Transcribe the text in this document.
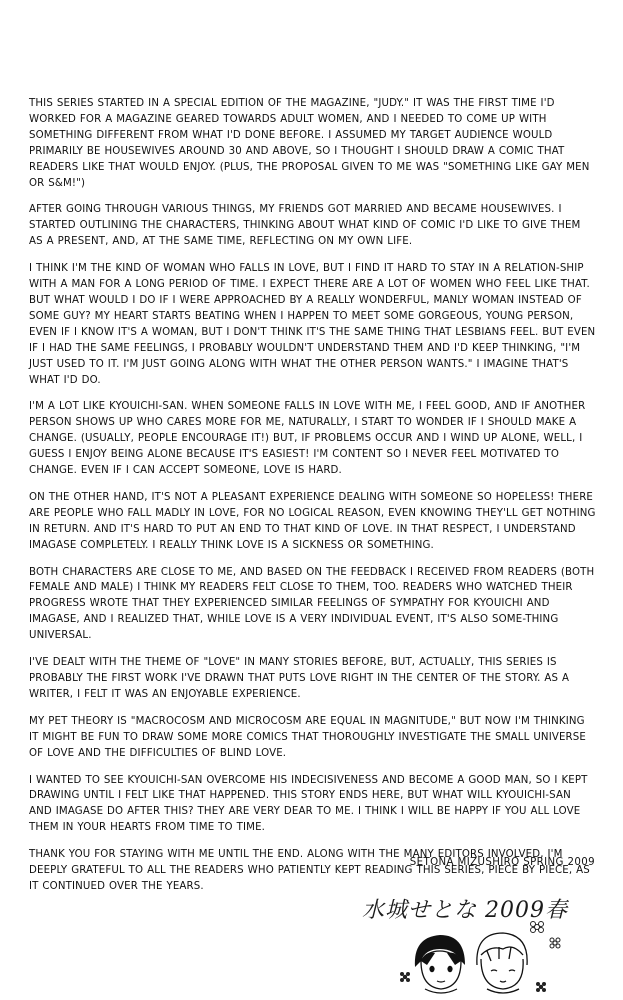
THIS SERIES STARTED IN A SPECIAL EDITION OF THE MAGAZINE, "JUDY." IT WAS THE FIRST TIME I'D WORKED FOR A MAGAZINE GEARED TOWARDS ADULT WOMEN, AND I NEEDED TO COME UP WITH SOMETHING DIFFERENT FROM WHAT I'D DONE BEFORE. I ASSUMED MY TARGET AUDIENCE WOULD PRIMARILY BE HOUSEWIVES AROUND 30 AND ABOVE, SO I THOUGHT I SHOULD DRAW A COMIC THAT READERS LIKE THAT WOULD ENJOY. (PLUS, THE PROPOSAL GIVEN TO ME WAS "SOMETHING LIKE GAY MEN OR S&M!")

AFTER GOING THROUGH VARIOUS THINGS, MY FRIENDS GOT MARRIED AND BECAME HOUSEWIVES. I STARTED OUTLINING THE CHARACTERS, THINKING ABOUT WHAT KIND OF COMIC I'D LIKE TO GIVE THEM AS A PRESENT, AND, AT THE SAME TIME, REFLECTING ON MY OWN LIFE.

I THINK I'M THE KIND OF WOMAN WHO FALLS IN LOVE, BUT I FIND IT HARD TO STAY IN A RELATION-SHIP WITH A MAN FOR A LONG PERIOD OF TIME. I EXPECT THERE ARE A LOT OF WOMEN WHO FEEL LIKE THAT. BUT WHAT WOULD I DO IF I WERE APPROACHED BY A REALLY WONDERFUL, MANLY WOMAN INSTEAD OF SOME GUY? MY HEART STARTS BEATING WHEN I HAPPEN TO MEET SOME GORGEOUS, YOUNG PERSON, EVEN IF I KNOW IT'S A WOMAN, BUT I DON'T THINK IT'S THE SAME THING THAT LESBIANS FEEL. BUT EVEN IF I HAD THE SAME FEELINGS, I PROBABLY WOULDN'T UNDERSTAND THEM AND I'D KEEP THINKING, "I'M JUST USED TO IT. I'M JUST GOING ALONG WITH WHAT THE OTHER PERSON WANTS." I IMAGINE THAT'S WHAT I'D DO.

I'M A LOT LIKE KYOUICHI-SAN. WHEN SOMEONE FALLS IN LOVE WITH ME, I FEEL GOOD, AND IF ANOTHER PERSON SHOWS UP WHO CARES MORE FOR ME, NATURALLY, I START TO WONDER IF I SHOULD MAKE A CHANGE. (USUALLY, PEOPLE ENCOURAGE IT!) BUT, IF PROBLEMS OCCUR AND I WIND UP ALONE, WELL, I GUESS I ENJOY BEING ALONE BECAUSE IT'S EASIEST! I'M CONTENT SO I NEVER FEEL MOTIVATED TO CHANGE. EVEN IF I CAN ACCEPT SOMEONE, LOVE IS HARD.

ON THE OTHER HAND, IT'S NOT A PLEASANT EXPERIENCE DEALING WITH SOMEONE SO HOPELESS! THERE ARE PEOPLE WHO FALL MADLY IN LOVE, FOR NO LOGICAL REASON, EVEN KNOWING THEY'LL GET NOTHING IN RETURN. AND IT'S HARD TO PUT AN END TO THAT KIND OF LOVE. IN THAT RESPECT, I UNDERSTAND IMAGASE COMPLETELY. I REALLY THINK LOVE IS A SICKNESS OR SOMETHING.

BOTH CHARACTERS ARE CLOSE TO ME, AND BASED ON THE FEEDBACK I RECEIVED FROM READERS (BOTH FEMALE AND MALE) I THINK MY READERS FELT CLOSE TO THEM, TOO. READERS WHO WATCHED THEIR PROGRESS WROTE THAT THEY EXPERIENCED SIMILAR FEELINGS OF SYMPATHY FOR KYOUICHI AND IMAGASE, AND I REALIZED THAT, WHILE LOVE IS A VERY INDIVIDUAL EVENT, IT'S ALSO SOME-THING UNIVERSAL.

I'VE DEALT WITH THE THEME OF "LOVE" IN MANY STORIES BEFORE, BUT, ACTUALLY, THIS SERIES IS PROBABLY THE FIRST WORK I'VE DRAWN THAT PUTS LOVE RIGHT IN THE CENTER OF THE STORY. AS A WRITER, I FELT IT WAS AN ENJOYABLE EXPERIENCE.

MY PET THEORY IS "MACROCOSM AND MICROCOSM ARE EQUAL IN MAGNITUDE," BUT NOW I'M THINKING IT MIGHT BE FUN TO DRAW SOME MORE COMICS THAT THOROUGHLY INVESTIGATE THE SMALL UNIVERSE OF LOVE AND THE DIFFICULTIES OF BLIND LOVE.

I WANTED TO SEE KYOUICHI-SAN OVERCOME HIS INDECISIVENESS AND BECOME A GOOD MAN, SO I KEPT DRAWING UNTIL I FELT LIKE THAT HAPPENED. THIS STORY ENDS HERE, BUT WHAT WILL KYOUICHI-SAN AND IMAGASE DO AFTER THIS? THEY ARE VERY DEAR TO ME. I THINK I WILL BE HAPPY IF YOU ALL LOVE THEM IN YOUR HEARTS FROM TIME TO TIME.

THANK YOU FOR STAYING WITH ME UNTIL THE END. ALONG WITH THE MANY EDITORS INVOLVED, I'M DEEPLY GRATEFUL TO ALL THE READERS WHO PATIENTLY KEPT READING THIS SERIES, PIECE BY PIECE, AS IT CONTINUED OVER THE YEARS.

SETONA MIZUSHIRO SPRING 2009
水城せとな 2009春
